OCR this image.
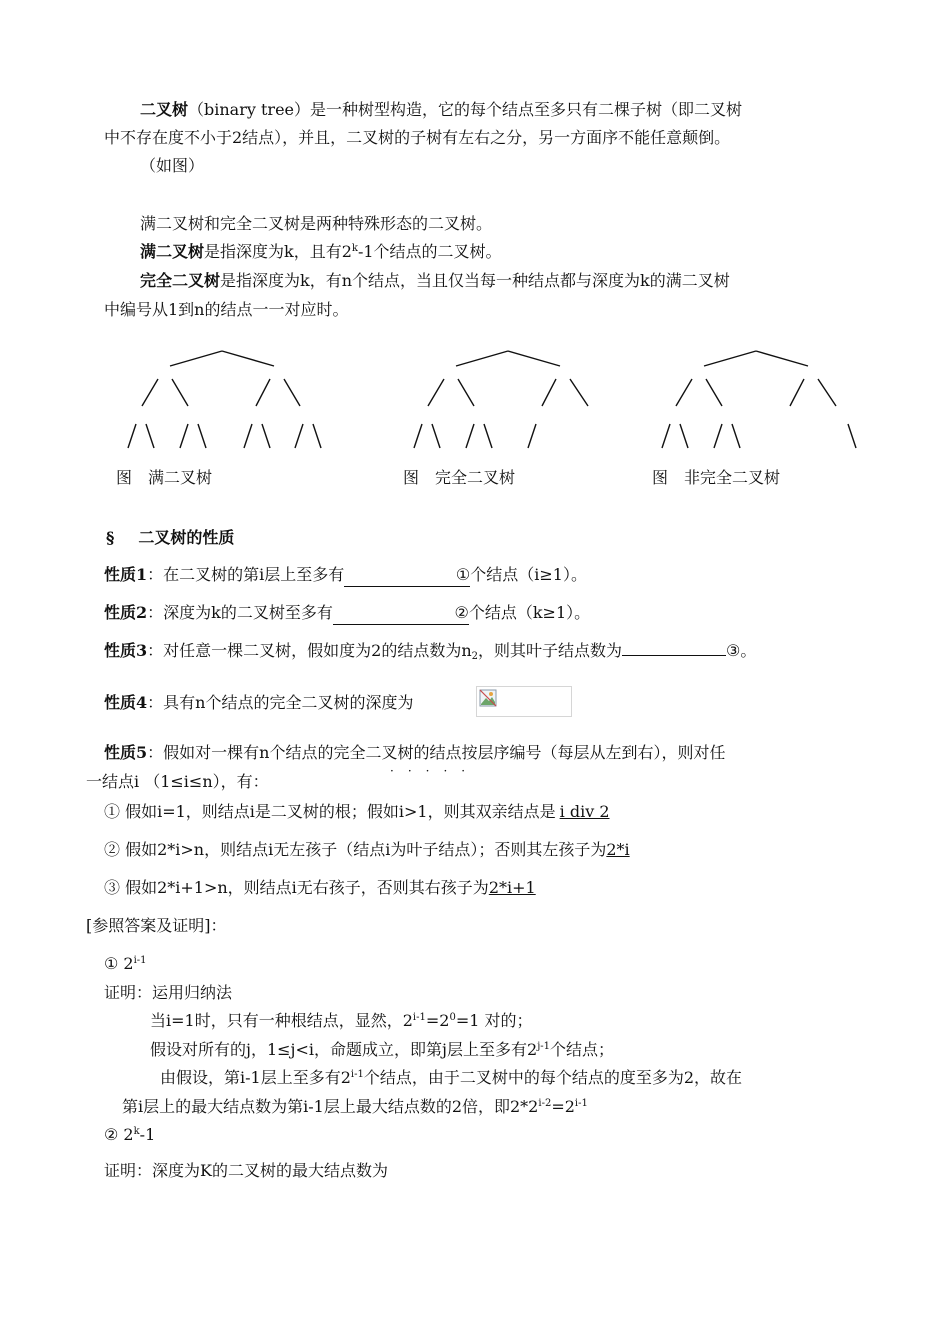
二叉树（binary tree）是一种树型构造，它的每个结点至多只有二棵子树（即二叉树
中不存在度不小于2结点），并且，二叉树的子树有左右之分，另一方面序不能任意颠倒。
（如图）
满二叉树和完全二叉树是两种特殊形态的二叉树。
满二叉树是指深度为k，且有2$^k$-1个结点的二叉树。
完全二叉树是指深度为k，有n个结点，当且仅当每一种结点都与深度为k的满二叉树
中编号从1到n的结点一一对应时。
图　满二叉树	图　完全二叉树	图　非完全二叉树
§ 二叉树的性质
性质1：在二叉树的第i层上至多有	①个结点（i≥1）。
性质2：深度为k的二叉树至多有	②个结点（k≥1）。
性质3：对任意一棵二叉树，假如度为2的结点数为$n_2$，则其叶子结点数为	③。
性质4：具有n个结点的完全二叉树的深度为
性质5：假如对一棵有n个结点的完全二叉树的结点按层序编号（每层从左到右），则对任
·····
一结点i （1≤i≤n），有：
① 假如i=1，则结点i是二叉树的根；假如i>1，则其双亲结点是 i div 2
② 假如2*i>n，则结点i无左孩子（结点i为叶子结点）；否则其左孩子为2*i
③ 假如2*i+1>n，则结点i无右孩子，否则其右孩子为2*i+1
[参照答案及证明]：
① 2$^{i-1}$
证明：运用归纳法
当i=1时，只有一种根结点，显然，$2^{i-1}=2^0=1$ 对的；
假设对所有的j，1≤j<i，命题成立，即第j层上至多有2$^{j-1}$个结点；
由假设，第i-1层上至多有2$^{i-1}$个结点，由于二叉树中的每个结点的度至多为2，故在
第i层上的最大结点数为第i-1层上最大结点数的2倍，即$2*2^{i-2}=2^{i-1}$
② 2$^k$-1
证明：深度为K的二叉树的最大结点数为
